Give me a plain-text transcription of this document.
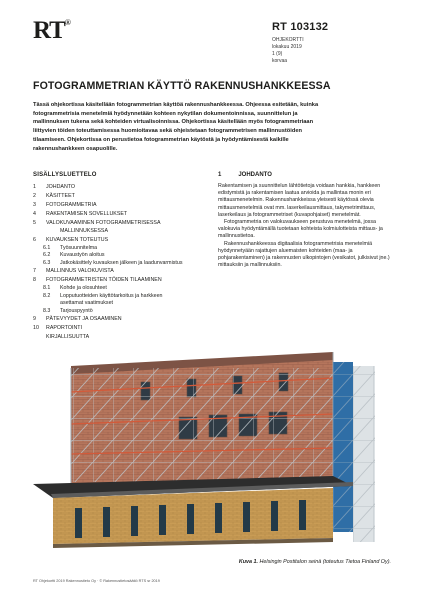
RT®	RT 103132
OHJEKORTTI
lokakuu 2019
1 (9)
korvaa
FOTOGRAMMETRIAN KÄYTTÖ RAKENNUSHANKKEESSA
Tässä ohjekortissa käsitellään fotogrammetrian käyttöä rakennushankkeessa. Ohjeessa esitetään, kuinka fotogrammetrisia menetelmiä hyödynnetään kohteen nykytilan dokumentoinnissa, suunnittelun ja mallinnuksen tukena sekä kohteiden virtualisoinnissa. Ohjekortissa käsitellään myös fotogrammetriaan liittyvien töiden toteuttamisessa huomioitavaa sekä ohjeistetaan fotogrammetrisen mallinnustöiden tilaamiseen. Ohjekortissa on perustietoa fotogrammetrian käytöstä ja hyödyntämisestä kaikille rakennushankkeen osapuolille.
SISÄLLYSLUETTELO
1	JOHDANTO
2	KÄSITTEET
3	FOTOGRAMMETRIA
4	RAKENTAMISEN SOVELLUKSET
5	VALOKUVAAMINEN FOTOGRAMMETRISESSA
MALLINNUKSESSA
6	KUVAUKSEN TOTEUTUS
6.1	Työsuunnitelma
6.2	Kuvaustyön aloitus
6.3	Jatkokäsittely kuvauksen jälkeen ja laadunvarmistus
7	MALLINNUS VALOKUVISTA
8	FOTOGRAMMETRISTEN TÖIDEN TILAAMINEN
8.1	Kohde ja olosuhteet
8.2	Lopputuotteiden käyttötarkoitus ja harkkeen
asettamat vaatimukset
8.3	Tarjouspyyntö
9	PÄTEVYYDET JA OSAAMINEN
10	RAPORTOINTI
KIRJALLISUUTTA
1	JOHDANTO

Rakentamisen ja suunnittelun lähtötietoja voidaan hankkia, hankkeen edistymistä ja rakentamisen laatua arvioida ja mallintaa monin eri mittausmenetelmin. Rakennushankkeissa yleisesti käytössä olevia mittausmenetelmiä ovat mm. laserkeilausmittaus, takymetrimittaus, laserkeilaus ja fotogrammetriset (kuvapohjaiset) menetelmät.

Fotogrammetria on valokuvaukseen perustuva menetelmä, jossa valokuvia hyödyntämällä tuotetaan kohteista kolmiulotteista mittaus- ja mallinnustietoa.

Rakennushankkeessa digitaalisia fotogrammetrisia menetelmiä hyödynnetyään rajattujen aluemaisten kohteiden (maa- ja pohjarakentaminen) ja rakennusten ulkopintojen (vesikatot, julkisivut jne.) mittauksiin ja mallinnuksiin.

Kuva 1. Helsingin Postitalon seinä (toteutus Tietoa Finland Oy).
RT Ohjekortti 2019 Rakennustieto Oy · © Rakennustietosäätiö RTS sr 2019
